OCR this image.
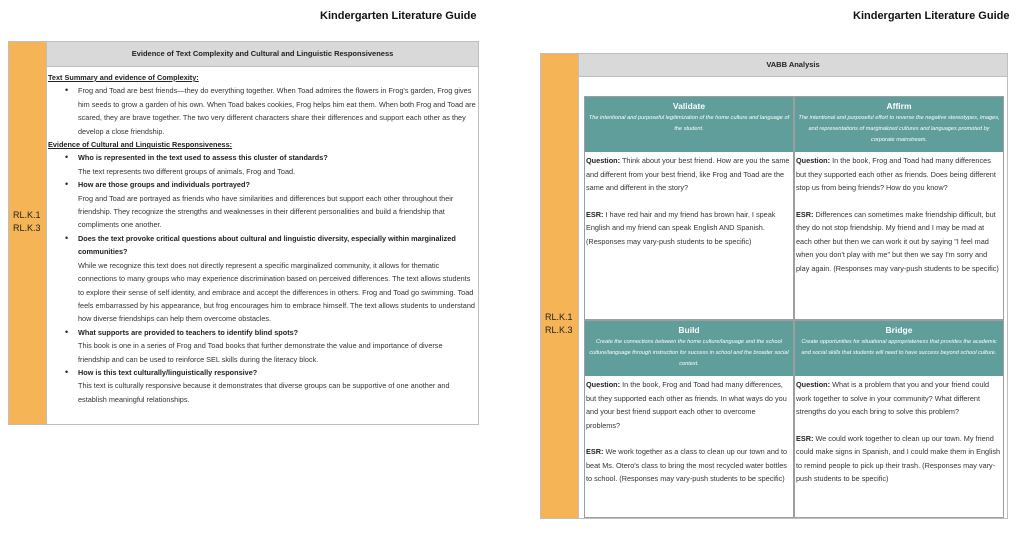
Kindergarten Literature Guide	Kindergarten Literature Guide
RL.K.1
RL.K.3
Evidence of Text Complexity and Cultural and Linguistic Responsiveness
Text Summary and evidence of Complexity:
• Frog and Toad are best friends—they do everything together. When Toad admires the flowers in Frog's garden, Frog gives him seeds to grow a garden of his own. When Toad bakes cookies, Frog helps him eat them. When both Frog and Toad are scared, they are brave together. The two very different characters share their differences and support each other as they develop a close friendship.
Evidence of Cultural and Linguistic Responsiveness:
• Who is represented in the text used to assess this cluster of standards?
The text represents two different groups of animals, Frog and Toad.
• How are those groups and individuals portrayed?
Frog and Toad are portrayed as friends who have similarities and differences but support each other throughout their friendship. They recognize the strengths and weaknesses in their different personalities and build a friendship that compliments one another.
• Does the text provoke critical questions about cultural and linguistic diversity, especially within marginalized communities?
While we recognize this text does not directly represent a specific marginalized community, it allows for thematic connections to many groups who may experience discrimination based on perceived differences. The text allows students to explore their sense of self identity, and embrace and accept the differences in others. Frog and Toad go swimming. Toad feels embarrassed by his appearance, but frog encourages him to embrace himself. The text allows students to understand how diverse friendships can help them overcome obstacles.
• What supports are provided to teachers to identify blind spots?
This book is one in a series of Frog and Toad books that further demonstrate the value and importance of diverse friendship and can be used to reinforce SEL skills during the literacy block.
• How is this text culturally/linguistically responsive?
This text is culturally responsive because it demonstrates that diverse groups can be supportive of one another and establish meaningful relationships.
RL.K.1
RL.K.3
VABB Analysis
Validate
The intentional and purposeful legitimization of the home culture and language of the student.

Question: Think about your best friend. How are you the same and different from your best friend, like Frog and Toad are the same and different in the story?

ESR: I have red hair and my friend has brown hair. I speak English and my friend can speak English AND Spanish. (Responses may vary-push students to be specific)

Affirm
The intentional and purposeful effort to reverse the negative stereotypes, images, and representations of marginalized cultures and languages promoted by corporate mainstream.

Question: In the book, Frog and Toad had many differences but they supported each other as friends. Does being different stop us from being friends? How do you know?

ESR: Differences can sometimes make friendship difficult, but they do not stop friendship. My friend and I may be mad at each other but then we can work it out by saying "I feel mad when you don't play with me" but then we say I'm sorry and play again. (Responses may vary-push students to be specific)

Build
Create the connections between the home culture/language and the school culture/language through instruction for success in school and the broader social context.

Question: In the book, Frog and Toad had many differences, but they supported each other as friends. In what ways do you and your best friend support each other to overcome problems?

ESR: We work together as a class to clean up our town and to beat Ms. Otero's class to bring the most recycled water bottles to school. (Responses may vary-push students to be specific)

Bridge
Create opportunities for situational appropriateness that provides the academic and social skills that students will need to have success beyond school culture.

Question: What is a problem that you and your friend could work together to solve in your community? What different strengths do you each bring to solve this problem?

ESR: We could work together to clean up our town. My friend could make signs in Spanish, and I could make them in English to remind people to pick up their trash. (Responses may vary-push students to be specific)
